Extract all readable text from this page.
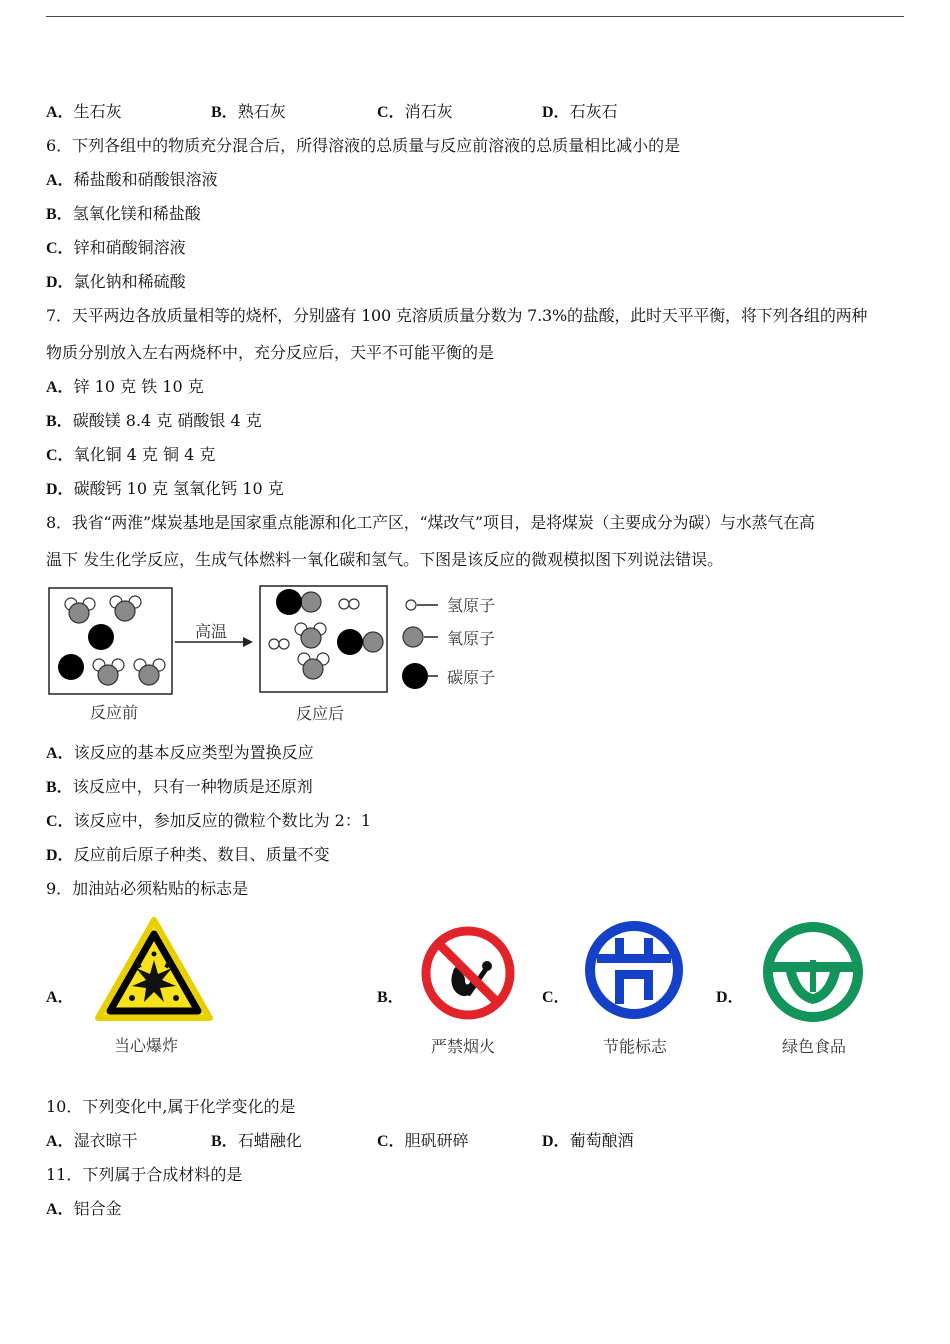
A．生石灰	B．熟石灰	C．消石灰	D．石灰石
6．下列各组中的物质充分混合后，所得溶液的总质量与反应前溶液的总质量相比减小的是
A．稀盐酸和硝酸银溶液
B．氢氧化镁和稀盐酸
C．锌和硝酸铜溶液
D．氯化钠和稀硫酸
7．天平两边各放质量相等的烧杯，分别盛有 100 克溶质质量分数为 7.3%的盐酸，此时天平平衡，将下列各组的两种
物质分别放入左右两烧杯中，充分反应后，天平不可能平衡的是
A．锌 10 克 铁 10 克
B．碳酸镁 8.4 克 硝酸银 4 克
C．氧化铜 4 克 铜 4 克
D．碳酸钙 10 克 氢氧化钙 10 克
8．我省“两淮”煤炭基地是国家重点能源和化工产区，“煤改气”项目，是将煤炭（主要成分为碳）与水蒸气在高
温下 发生化学反应，生成气体燃料一氧化碳和氢气。下图是该反应的微观模拟图下列说法错误。
反应前
高温
反应后
氢原子
氧原子
碳原子
A．该反应的基本反应类型为置换反应
B．该反应中，只有一种物质是还原剂
C．该反应中，参加反应的微粒个数比为 2：1
D．反应前后原子种类、数目、质量不变
9．加油站必须粘贴的标志是
A．
当心爆炸
B．
严禁烟火
C．
节能标志
D．
绿色食品
10．下列变化中,属于化学变化的是
A．湿衣晾干	B．石蜡融化	C．胆矾研碎	D．葡萄酿酒
11．下列属于合成材料的是
A．铝合金
